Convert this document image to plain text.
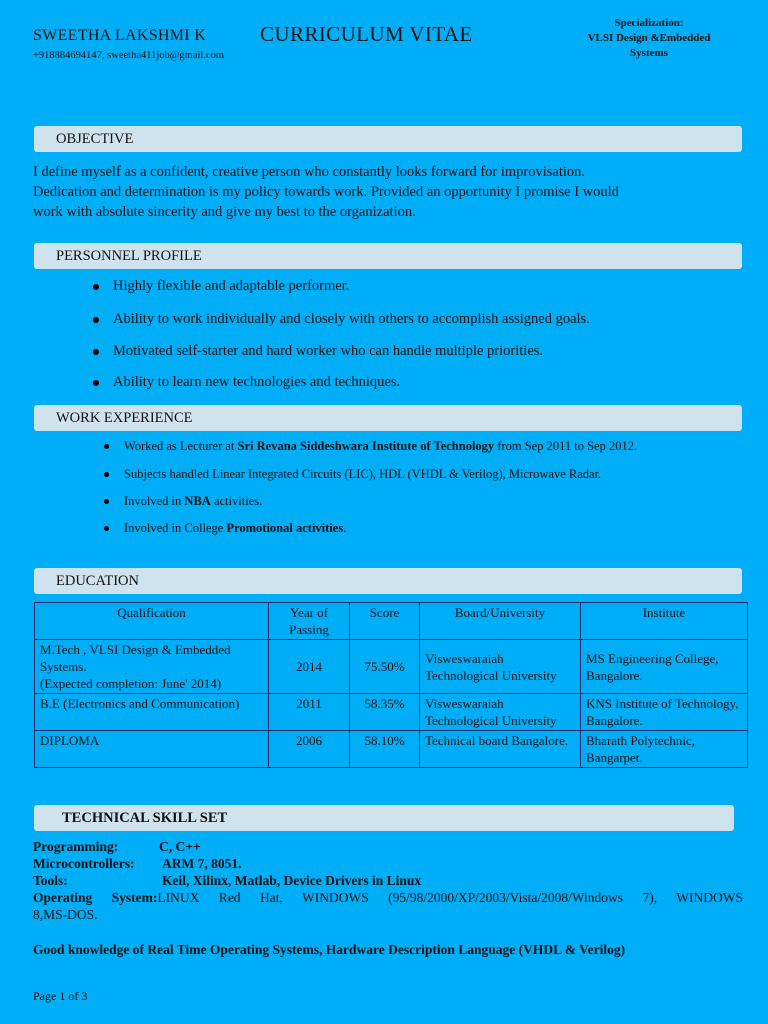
SWEETHA LAKSHMI K	CURRICULUM VITAE
+918884694147, sweetha411job@gmail.com
Specialization:
VLSI Design &Embedded
Systems
OBJECTIVE
I define myself as a confident, creative person who constantly looks forward for improvisation.
Dedication and determination is my policy towards work. Provided an opportunity I promise I would
work with absolute sincerity and give my best to the organization.
PERSONNEL PROFILE
Highly flexible and adaptable performer.
Ability to work individually and closely with others to accomplish assigned goals.
Motivated self-starter and hard worker who can handle multiple priorities.
Ability to learn new technologies and techniques.
WORK EXPERIENCE
Worked as Lecturer at Sri Revana Siddeshwara Institute of Technology from Sep 2011 to Sep 2012.
Subjects handled Linear Integrated Circuits (LIC), HDL (VHDL & Verilog), Microwave Radar.
Involved in NBA activities.
Involved in College Promotional activities.
EDUCATION
Qualification	Year of Passing	Score	Board/University	Institute

M.Tech , VLSI Design & Embedded
Systems.
(Expected completion: June' 2014)	2014	75.50%	Visweswaraiah Technological University	MS Engineering College, Bangalore.
B.E (Electronics and Communication)	2011	58.35%	Visweswaraiah Technological University	KNS Institute of Technology, Bangalore.
DIPLOMA	2006	58.10%	Technical board Bangalore.	Bharath Polytechnic, Bangarpet.
TECHNICAL SKILL SET
Programming:	C, C++
Microcontrollers: ARM 7, 8051.
Tools:	Keil, Xilinx, Matlab, Device Drivers in Linux
Operating System:LINUX Red Hat, WINDOWS (95/98/2000/XP/2003/Vista/2008/Windows 7), WINDOWS
8,MS-DOS.
Good knowledge of Real Time Operating Systems, Hardware Description Language (VHDL & Verilog)
Page 1 of 3
